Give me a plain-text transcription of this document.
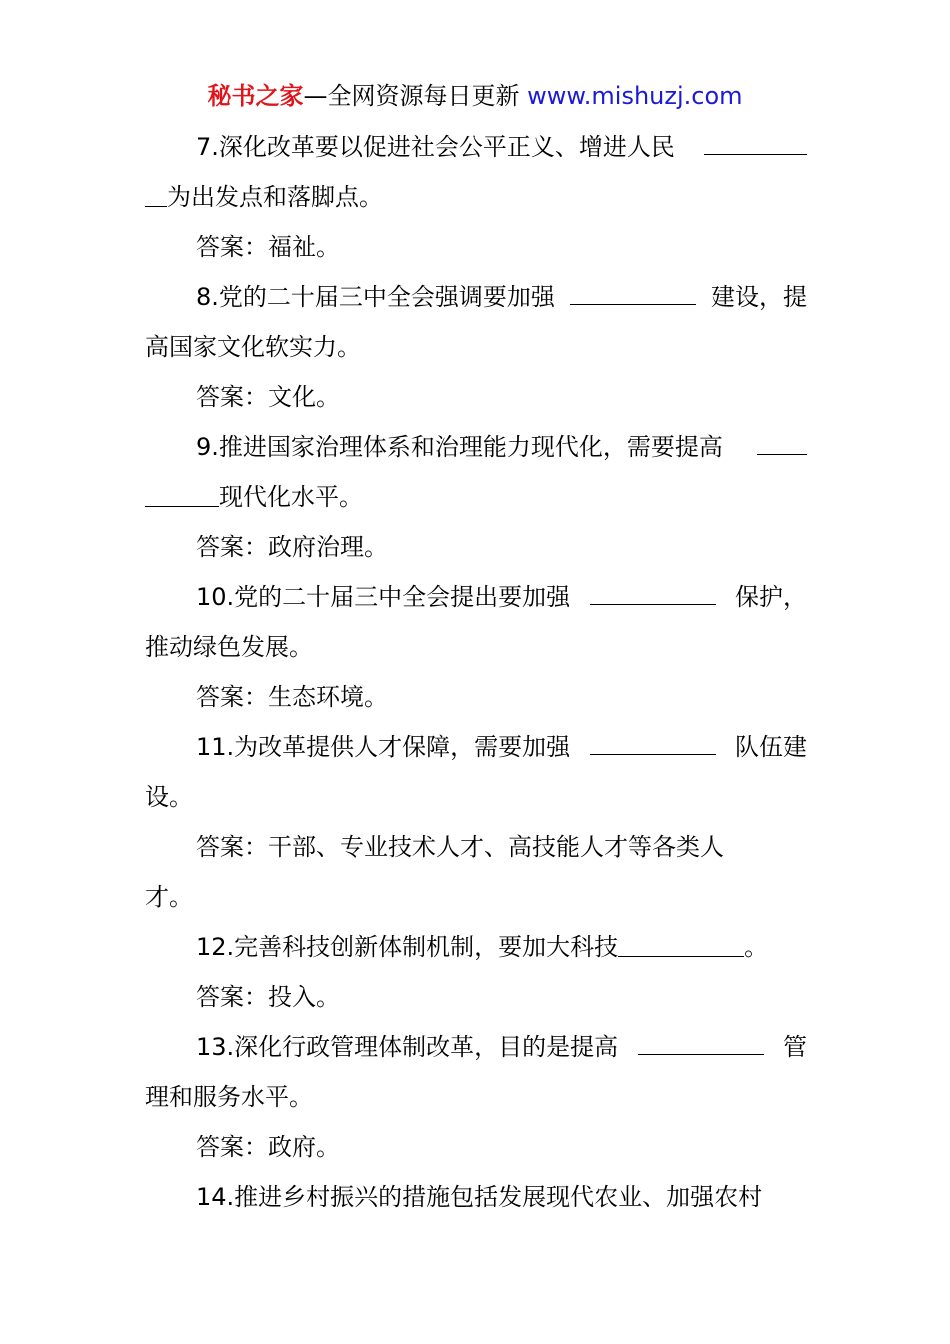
秘书之家—全网资源每日更新 www.mishuzj.com
7.深化改革要以促进社会公平正义、增进人民
为出发点和落脚点。
答案：福祉。
8.党的二十届三中全会强调要加强	建设，提
高国家文化软实力。
答案：文化。
9.推进国家治理体系和治理能力现代化，需要提高
现代化水平。
答案：政府治理。
10.党的二十届三中全会提出要加强	保护，
推动绿色发展。
答案：生态环境。
11.为改革提供人才保障，需要加强	队伍建
设。
答案：干部、专业技术人才、高技能人才等各类人
才。
12.完善科技创新体制机制，要加大科技	。
答案：投入。
13.深化行政管理体制改革，目的是提高	管
理和服务水平。
答案：政府。
14.推进乡村振兴的措施包括发展现代农业、加强农村
